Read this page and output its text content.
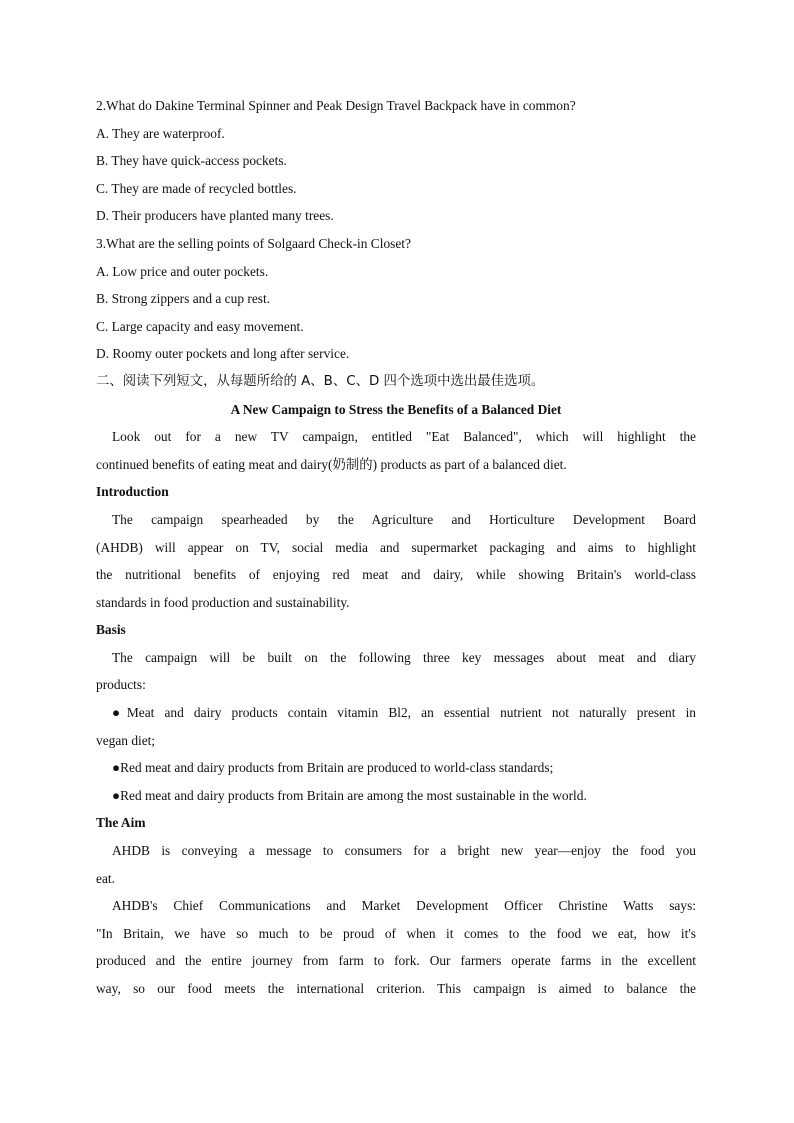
2.What do Dakine Terminal Spinner and Peak Design Travel Backpack have in common?
A. They are waterproof.
B. They have quick-access pockets.
C. They are made of recycled bottles.
D. Their producers have planted many trees.
3.What are the selling points of Solgaard Check-in Closet?
A. Low price and outer pockets.
B. Strong zippers and a cup rest.
C. Large capacity and easy movement.
D. Roomy outer pockets and long after service.
二、阅读下列短文，从每题所给的 A、B、C、D 四个选项中选出最佳选项。
A New Campaign to Stress the Benefits of a Balanced Diet
Look out for a new TV campaign, entitled "Eat Balanced", which will highlight the
continued benefits of eating meat and dairy(奶制的) products as part of a balanced diet.
Introduction
The campaign spearheaded by the Agriculture and Horticulture Development Board
(AHDB) will appear on TV, social media and supermarket packaging and aims to highlight
the nutritional benefits of enjoying red meat and dairy, while showing Britain's world-class
standards in food production and sustainability.
Basis
The campaign will be built on the following three key messages about meat and diary
products:
●Meat and dairy products contain vitamin Bl2, an essential nutrient not naturally present in
vegan diet;
●Red meat and dairy products from Britain are produced to world-class standards;
●Red meat and dairy products from Britain are among the most sustainable in the world.
The Aim
AHDB is conveying a message to consumers for a bright new year—enjoy the food you
eat.
AHDB's Chief Communications and Market Development Officer Christine Watts says:
"In Britain, we have so much to be proud of when it comes to the food we eat, how it's
produced and the entire journey from farm to fork. Our farmers operate farms in the excellent
way, so our food meets the international criterion. This campaign is aimed to balance the
